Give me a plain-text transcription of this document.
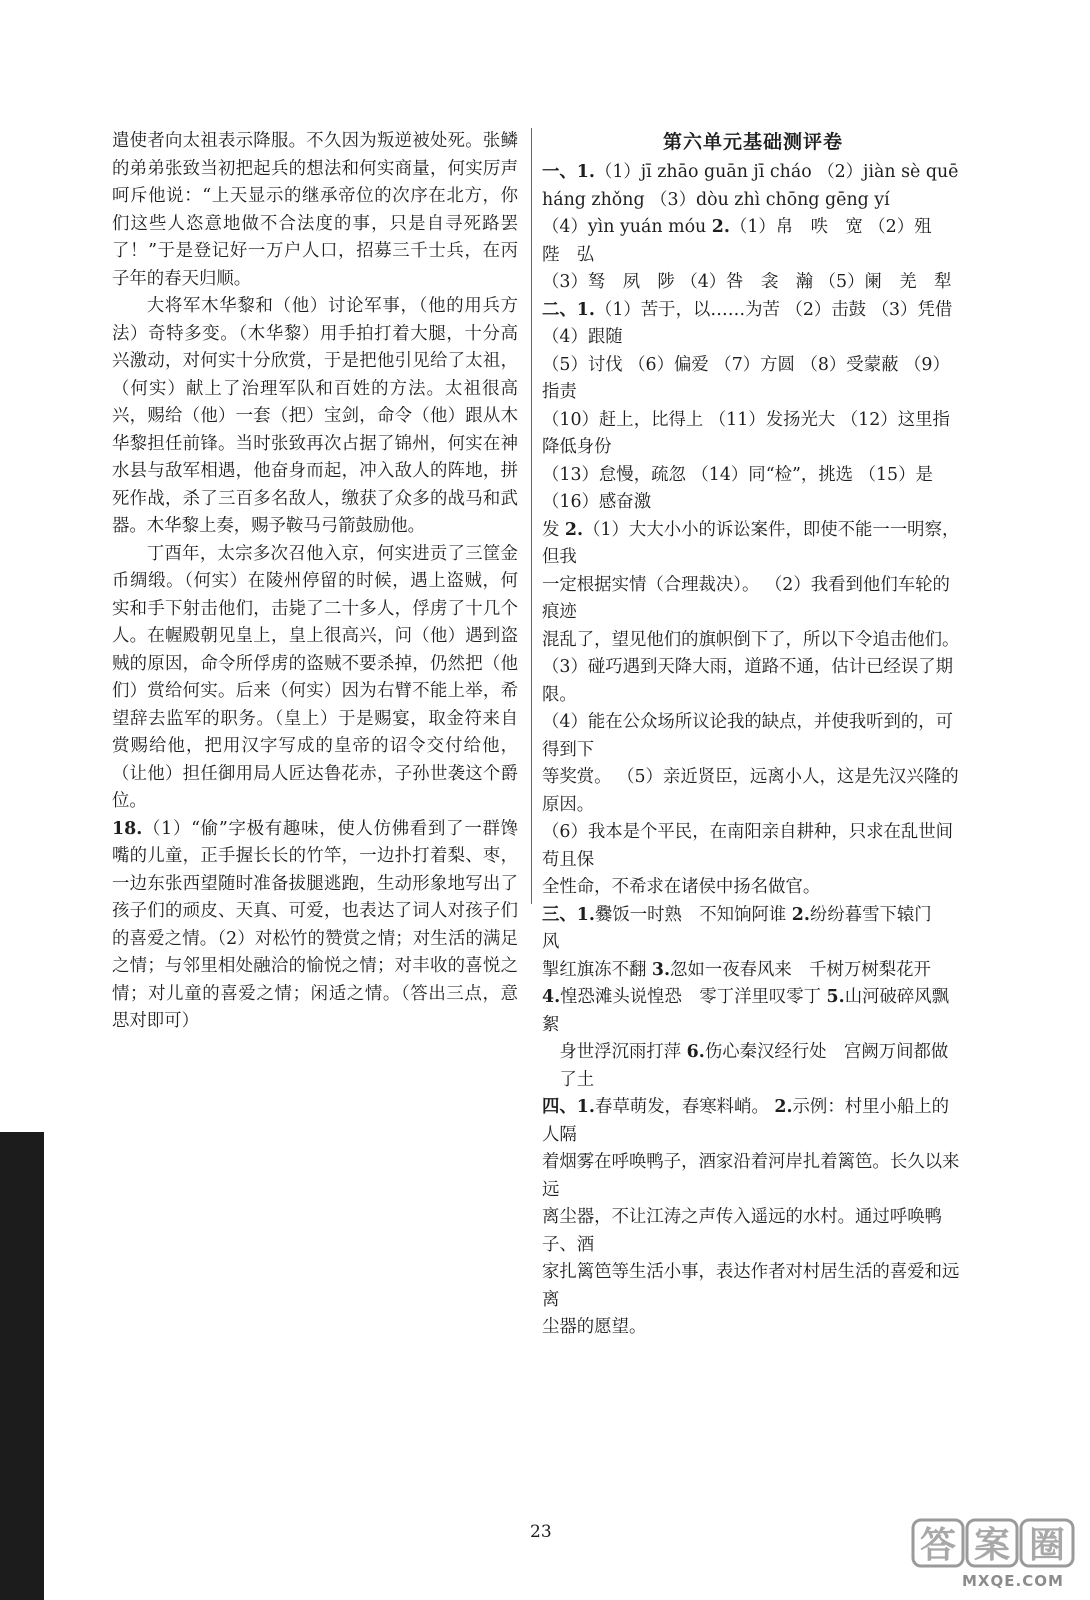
遣使者向太祖表示降服。不久因为叛逆被处死。张鳞的弟弟张致当初把起兵的想法和何实商量，何实厉声呵斥他说：“上天显示的继承帝位的次序在北方，你们这些人恣意地做不合法度的事，只是自寻死路罢了！”于是登记好一万户人口，招募三千士兵，在丙子年的春天归顺。

大将军木华黎和（他）讨论军事，（他的用兵方法）奇特多变。（木华黎）用手拍打着大腿，十分高兴激动，对何实十分欣赏，于是把他引见给了太祖，（何实）献上了治理军队和百姓的方法。太祖很高兴，赐给（他）一套（把）宝剑，命令（他）跟从木华黎担任前锋。当时张致再次占据了锦州，何实在神水县与敌军相遇，他奋身而起，冲入敌人的阵地，拼死作战，杀了三百多名敌人，缴获了众多的战马和武器。木华黎上奏，赐予鞍马弓箭鼓励他。

丁酉年，太宗多次召他入京，何实进贡了三筐金币绸缎。（何实）在陵州停留的时候，遇上盗贼，何实和手下射击他们，击毙了二十多人，俘虏了十几个人。在幄殿朝见皇上，皇上很高兴，问（他）遇到盗贼的原因，命令所俘虏的盗贼不要杀掉，仍然把（他们）赏给何实。后来（何实）因为右臂不能上举，希望辞去监军的职务。（皇上）于是赐宴，取金符来自赏赐给他，把用汉字写成的皇帝的诏令交付给他，（让他）担任御用局人匠达鲁花赤，子孙世袭这个爵位。

18.（1）“偷”字极有趣味，使人仿佛看到了一群馋嘴的儿童，正手握长长的竹竿，一边扑打着梨、枣，一边东张西望随时准备拔腿逃跑，生动形象地写出了孩子们的顽皮、天真、可爱，也表达了词人对孩子们的喜爱之情。（2）对松竹的赞赏之情；对生活的满足之情；与邻里相处融洽的愉悦之情；对丰收的喜悦之情；对儿童的喜爱之情；闲适之情。（答出三点，意思对即可）

第六单元基础测评卷

一、1.（1）jī zhāo guān jī cháo （2）jiàn sè quē

háng zhǒng （3）dòu zhì chōng gēng yí

（4）yìn yuán móu 2.（1）帛　呹　宽 （2）殂　陛　弘

（3）驽　夙　陟 （4）咎　衾　瀚 （5）阑　羌　犁

二、1.（1）苦于，以……为苦 （2）击鼓 （3）凭借 （4）跟随

（5）讨伐 （6）偏爱 （7）方圆 （8）受蒙蔽 （9）指责

（10）赶上，比得上 （11）发扬光大 （12）这里指降低身份

（13）怠慢，疏忽 （14）同“检”，挑选 （15）是 （16）感奋激

发 2.（1）大大小小的诉讼案件，即使不能一一明察，但我

一定根据实情（合理裁决）。 （2）我看到他们车轮的痕迹

混乱了，望见他们的旗帜倒下了，所以下令追击他们。

（3）碰巧遇到天降大雨，道路不通，估计已经误了期限。

（4）能在公众场所议论我的缺点，并使我听到的，可得到下

等奖赏。 （5）亲近贤臣，远离小人，这是先汉兴隆的原因。

（6）我本是个平民，在南阳亲自耕种，只求在乱世间苟且保

全性命，不希求在诸侯中扬名做官。

三、1.爨饭一时熟　不知饷阿谁 2.纷纷暮雪下辕门　风

掣红旗冻不翻 3.忽如一夜春风来　千树万树梨花开

4.惶恐滩头说惶恐　零丁洋里叹零丁 5.山河破碎风飘絮

身世浮沉雨打萍 6.伤心秦汉经行处　宫阙万间都做

了土

四、1.春草萌发，春寒料峭。 2.示例：村里小船上的人隔

着烟雾在呼唤鸭子，酒家沿着河岸扎着篱笆。长久以来远

离尘器，不让江涛之声传入遥远的水村。通过呼唤鸭子、酒

家扎篱笆等生活小事，表达作者对村居生活的喜爱和远离

尘器的愿望。

23	答 案 圈
MXQE.COM
